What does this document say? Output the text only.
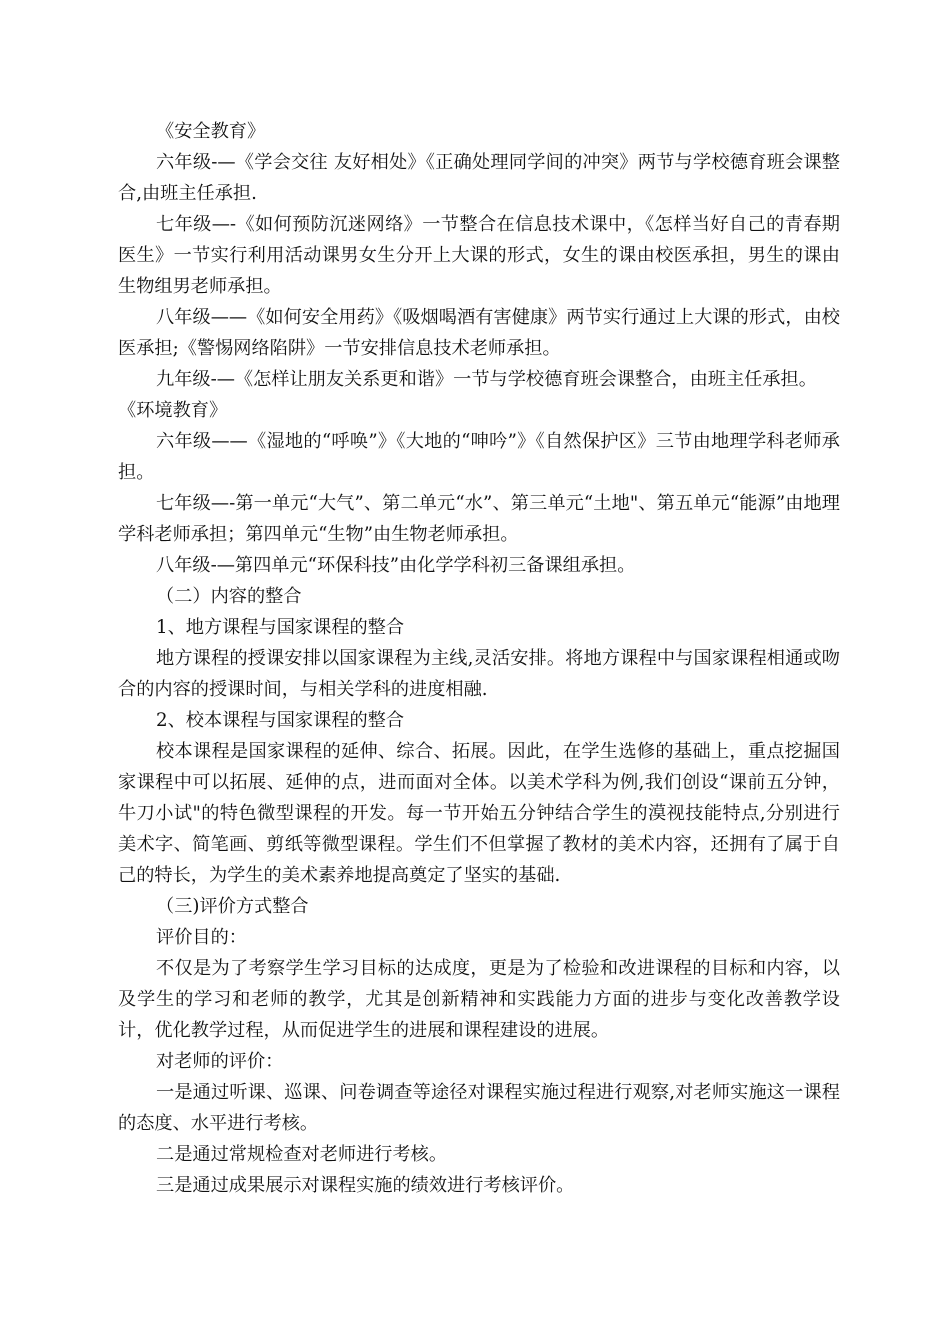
《安全教育》

六年级-—《学会交往 友好相处》《正确处理同学间的冲突》两节与学校德育班会课整合,由班主任承担.

七年级—-《如何预防沉迷网络》一节整合在信息技术课中，《怎样当好自己的青春期医生》一节实行利用活动课男女生分开上大课的形式，女生的课由校医承担，男生的课由生物组男老师承担。

八年级——《如何安全用药》《吸烟喝酒有害健康》两节实行通过上大课的形式，由校医承担;《警惕网络陷阱》一节安排信息技术老师承担。

九年级-—《怎样让朋友关系更和谐》一节与学校德育班会课整合，由班主任承担。

《环境教育》

六年级——《湿地的“呼唤”》《大地的“呻吟”》《自然保护区》三节由地理学科老师承担。

七年级—-第一单元“大气”、第二单元“水”、第三单元“土地"、第五单元“能源”由地理学科老师承担；第四单元“生物”由生物老师承担。

八年级-—第四单元“环保科技”由化学学科初三备课组承担。

（二）内容的整合

1、地方课程与国家课程的整合

地方课程的授课安排以国家课程为主线,灵活安排。将地方课程中与国家课程相通或吻合的内容的授课时间，与相关学科的进度相融.

2、校本课程与国家课程的整合

校本课程是国家课程的延伸、综合、拓展。因此，在学生选修的基础上，重点挖掘国家课程中可以拓展、延伸的点，进而面对全体。以美术学科为例,我们创设“课前五分钟，牛刀小试"的特色微型课程的开发。每一节开始五分钟结合学生的漠视技能特点,分别进行美术字、简笔画、剪纸等微型课程。学生们不但掌握了教材的美术内容，还拥有了属于自己的特长，为学生的美术素养地提高奠定了坚实的基础.

（三)评价方式整合

评价目的：

不仅是为了考察学生学习目标的达成度，更是为了检验和改进课程的目标和内容，以及学生的学习和老师的教学，尤其是创新精神和实践能力方面的进步与变化改善教学设计，优化教学过程，从而促进学生的进展和课程建设的进展。

对老师的评价：

一是通过听课、巡课、问卷调查等途径对课程实施过程进行观察,对老师实施这一课程的态度、水平进行考核。

二是通过常规检查对老师进行考核。

三是通过成果展示对课程实施的绩效进行考核评价。
